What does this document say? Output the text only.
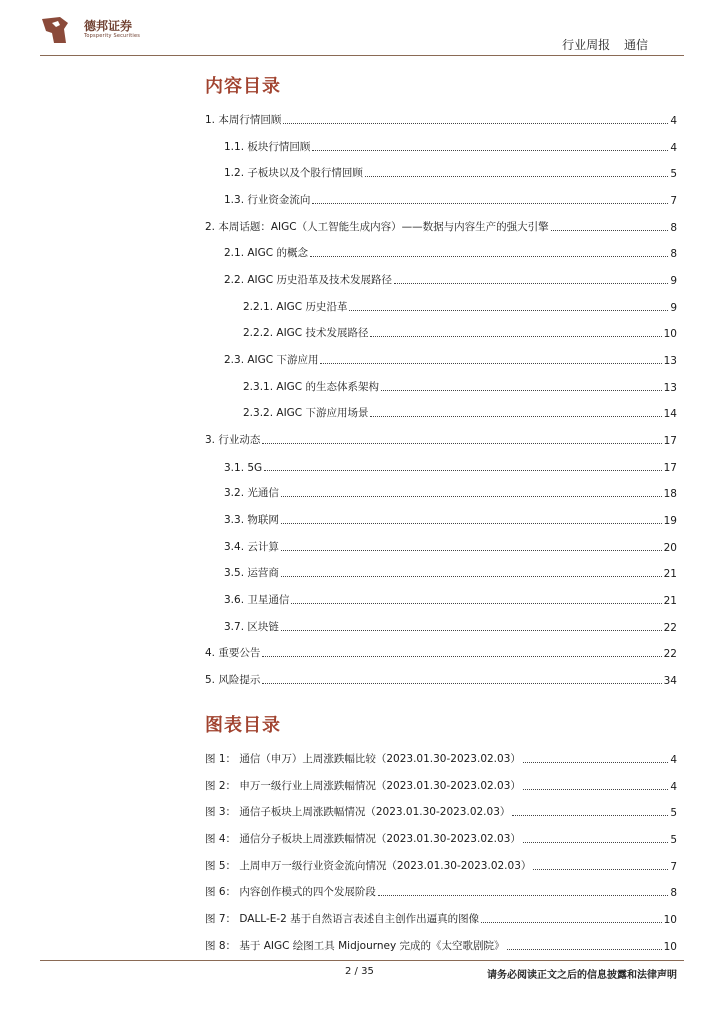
德邦证券
Topsperity Securities
行业周报 通信
内容目录
1. 本周行情回顾	4
1.1. 板块行情回顾	4
1.2. 子板块以及个股行情回顾	5
1.3. 行业资金流向	7
2. 本周话题：AIGC（人工智能生成内容）——数据与内容生产的强大引擎	8
2.1. AIGC 的概念	8
2.2. AIGC 历史沿革及技术发展路径	9
2.2.1. AIGC 历史沿革	9
2.2.2. AIGC 技术发展路径	10
2.3. AIGC 下游应用	13
2.3.1. AIGC 的生态体系架构	13
2.3.2. AIGC 下游应用场景	14
3. 行业动态	17
3.1. 5G	17
3.2. 光通信	18
3.3. 物联网	19
3.4. 云计算	20
3.5. 运营商	21
3.6. 卫星通信	21
3.7. 区块链	22
4. 重要公告	22
5. 风险提示	34
图表目录
图 1： 通信（申万）上周涨跌幅比较（2023.01.30-2023.02.03）	4
图 2： 申万一级行业上周涨跌幅情况（2023.01.30-2023.02.03）	4
图 3： 通信子板块上周涨跌幅情况（2023.01.30-2023.02.03）	5
图 4： 通信分子板块上周涨跌幅情况（2023.01.30-2023.02.03）	5
图 5： 上周申万一级行业资金流向情况（2023.01.30-2023.02.03）	7
图 6： 内容创作模式的四个发展阶段	8
图 7： DALL-E-2 基于自然语言表述自主创作出逼真的图像	10
图 8： 基于 AIGC 绘图工具 Midjourney 完成的《太空歌剧院》	10
2 / 35	请务必阅读正文之后的信息披露和法律声明
